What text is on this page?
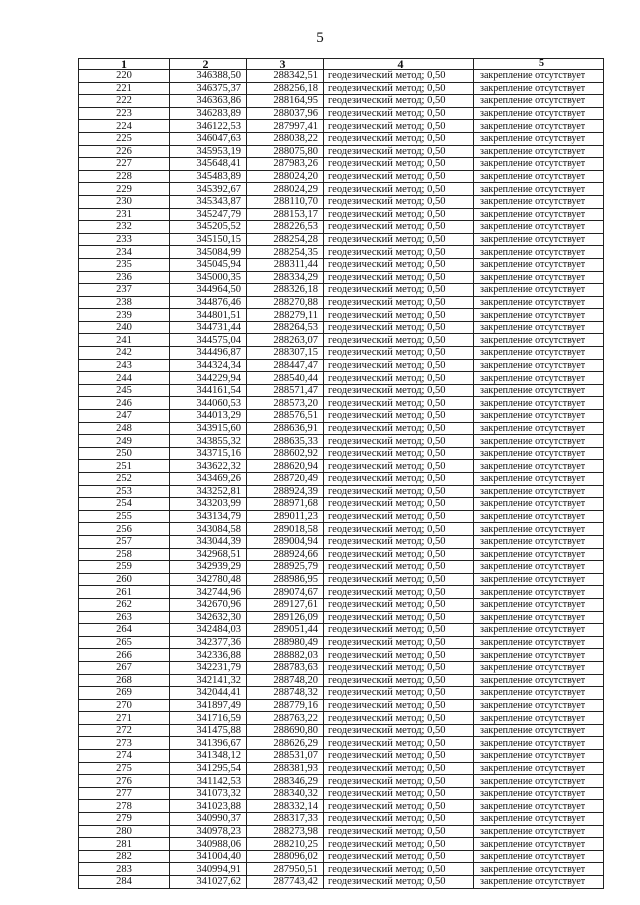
5
1	2	3	4	5
220	346388,50	288342,51	геодезический метод; 0,50	закрепление отсутствует
221	346375,37	288256,18	геодезический метод; 0,50	закрепление отсутствует
222	346363,86	288164,95	геодезический метод; 0,50	закрепление отсутствует
223	346283,89	288037,96	геодезический метод; 0,50	закрепление отсутствует
224	346122,53	287997,41	геодезический метод; 0,50	закрепление отсутствует
225	346047,63	288038,22	геодезический метод; 0,50	закрепление отсутствует
226	345953,19	288075,80	геодезический метод; 0,50	закрепление отсутствует
227	345648,41	287983,26	геодезический метод; 0,50	закрепление отсутствует
228	345483,89	288024,20	геодезический метод; 0,50	закрепление отсутствует
229	345392,67	288024,29	геодезический метод; 0,50	закрепление отсутствует
230	345343,87	288110,70	геодезический метод; 0,50	закрепление отсутствует
231	345247,79	288153,17	геодезический метод; 0,50	закрепление отсутствует
232	345205,52	288226,53	геодезический метод; 0,50	закрепление отсутствует
233	345150,15	288254,28	геодезический метод; 0,50	закрепление отсутствует
234	345084,99	288254,35	геодезический метод; 0,50	закрепление отсутствует
235	345045,94	288311,44	геодезический метод; 0,50	закрепление отсутствует
236	345000,35	288334,29	геодезический метод; 0,50	закрепление отсутствует
237	344964,50	288326,18	геодезический метод; 0,50	закрепление отсутствует
238	344876,46	288270,88	геодезический метод; 0,50	закрепление отсутствует
239	344801,51	288279,11	геодезический метод; 0,50	закрепление отсутствует
240	344731,44	288264,53	геодезический метод; 0,50	закрепление отсутствует
241	344575,04	288263,07	геодезический метод; 0,50	закрепление отсутствует
242	344496,87	288307,15	геодезический метод; 0,50	закрепление отсутствует
243	344324,34	288447,47	геодезический метод; 0,50	закрепление отсутствует
244	344229,94	288540,44	геодезический метод; 0,50	закрепление отсутствует
245	344161,54	288571,47	геодезический метод; 0,50	закрепление отсутствует
246	344060,53	288573,20	геодезический метод; 0,50	закрепление отсутствует
247	344013,29	288576,51	геодезический метод; 0,50	закрепление отсутствует
248	343915,60	288636,91	геодезический метод; 0,50	закрепление отсутствует
249	343855,32	288635,33	геодезический метод; 0,50	закрепление отсутствует
250	343715,16	288602,92	геодезический метод; 0,50	закрепление отсутствует
251	343622,32	288620,94	геодезический метод; 0,50	закрепление отсутствует
252	343469,26	288720,49	геодезический метод; 0,50	закрепление отсутствует
253	343252,81	288924,39	геодезический метод; 0,50	закрепление отсутствует
254	343203,99	288971,68	геодезический метод; 0,50	закрепление отсутствует
255	343134,79	289011,23	геодезический метод; 0,50	закрепление отсутствует
256	343084,58	289018,58	геодезический метод; 0,50	закрепление отсутствует
257	343044,39	289004,94	геодезический метод; 0,50	закрепление отсутствует
258	342968,51	288924,66	геодезический метод; 0,50	закрепление отсутствует
259	342939,29	288925,79	геодезический метод; 0,50	закрепление отсутствует
260	342780,48	288986,95	геодезический метод; 0,50	закрепление отсутствует
261	342744,96	289074,67	геодезический метод; 0,50	закрепление отсутствует
262	342670,96	289127,61	геодезический метод; 0,50	закрепление отсутствует
263	342632,30	289126,09	геодезический метод; 0,50	закрепление отсутствует
264	342484,03	289051,44	геодезический метод; 0,50	закрепление отсутствует
265	342377,36	288980,49	геодезический метод; 0,50	закрепление отсутствует
266	342336,88	288882,03	геодезический метод; 0,50	закрепление отсутствует
267	342231,79	288783,63	геодезический метод; 0,50	закрепление отсутствует
268	342141,32	288748,20	геодезический метод; 0,50	закрепление отсутствует
269	342044,41	288748,32	геодезический метод; 0,50	закрепление отсутствует
270	341897,49	288779,16	геодезический метод; 0,50	закрепление отсутствует
271	341716,59	288763,22	геодезический метод; 0,50	закрепление отсутствует
272	341475,88	288690,80	геодезический метод; 0,50	закрепление отсутствует
273	341396,67	288626,29	геодезический метод; 0,50	закрепление отсутствует
274	341348,12	288531,07	геодезический метод; 0,50	закрепление отсутствует
275	341295,54	288381,93	геодезический метод; 0,50	закрепление отсутствует
276	341142,53	288346,29	геодезический метод; 0,50	закрепление отсутствует
277	341073,32	288340,32	геодезический метод; 0,50	закрепление отсутствует
278	341023,88	288332,14	геодезический метод; 0,50	закрепление отсутствует
279	340990,37	288317,33	геодезический метод; 0,50	закрепление отсутствует
280	340978,23	288273,98	геодезический метод; 0,50	закрепление отсутствует
281	340988,06	288210,25	геодезический метод; 0,50	закрепление отсутствует
282	341004,40	288096,02	геодезический метод; 0,50	закрепление отсутствует
283	340994,91	287950,51	геодезический метод; 0,50	закрепление отсутствует
284	341027,62	287743,42	геодезический метод; 0,50	закрепление отсутствует
